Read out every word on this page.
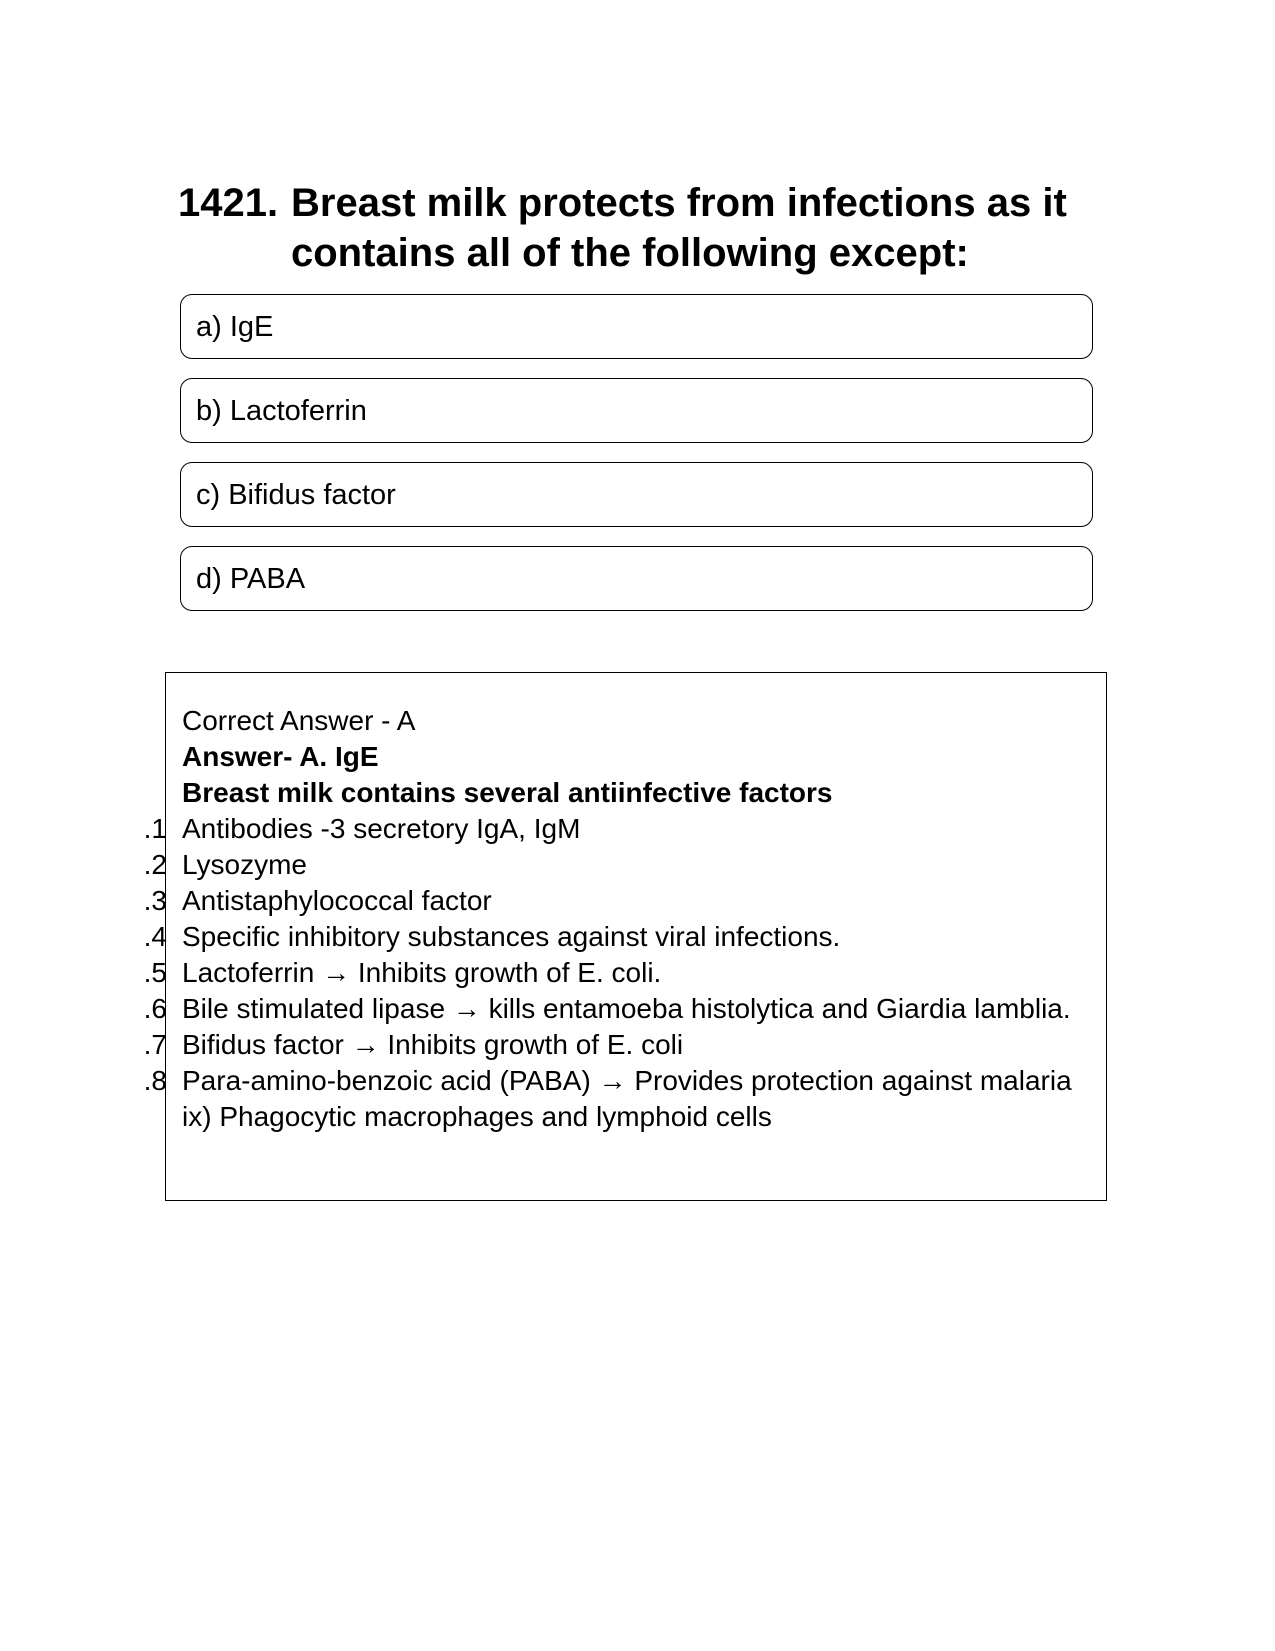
1421. Breast milk protects from infections as it contains all of the following except:
a) IgE
b) Lactoferrin
c) Bifidus factor
d) PABA
Correct Answer - A
Answer- A. IgE
Breast milk contains several antiinfective factors
1. Antibodies -3 secretory IgA, IgM
2. Lysozyme
3. Antistaphylococcal factor
4. Specific inhibitory substances against viral infections.
5. Lactoferrin → Inhibits growth of E. coli.
6. Bile stimulated lipase → kills entamoeba histolytica and Giardia lamblia.
7. Bifidus factor → Inhibits growth of E. coli
8. Para-amino-benzoic acid (PABA) → Provides protection against malaria ix) Phagocytic macrophages and lymphoid cells
